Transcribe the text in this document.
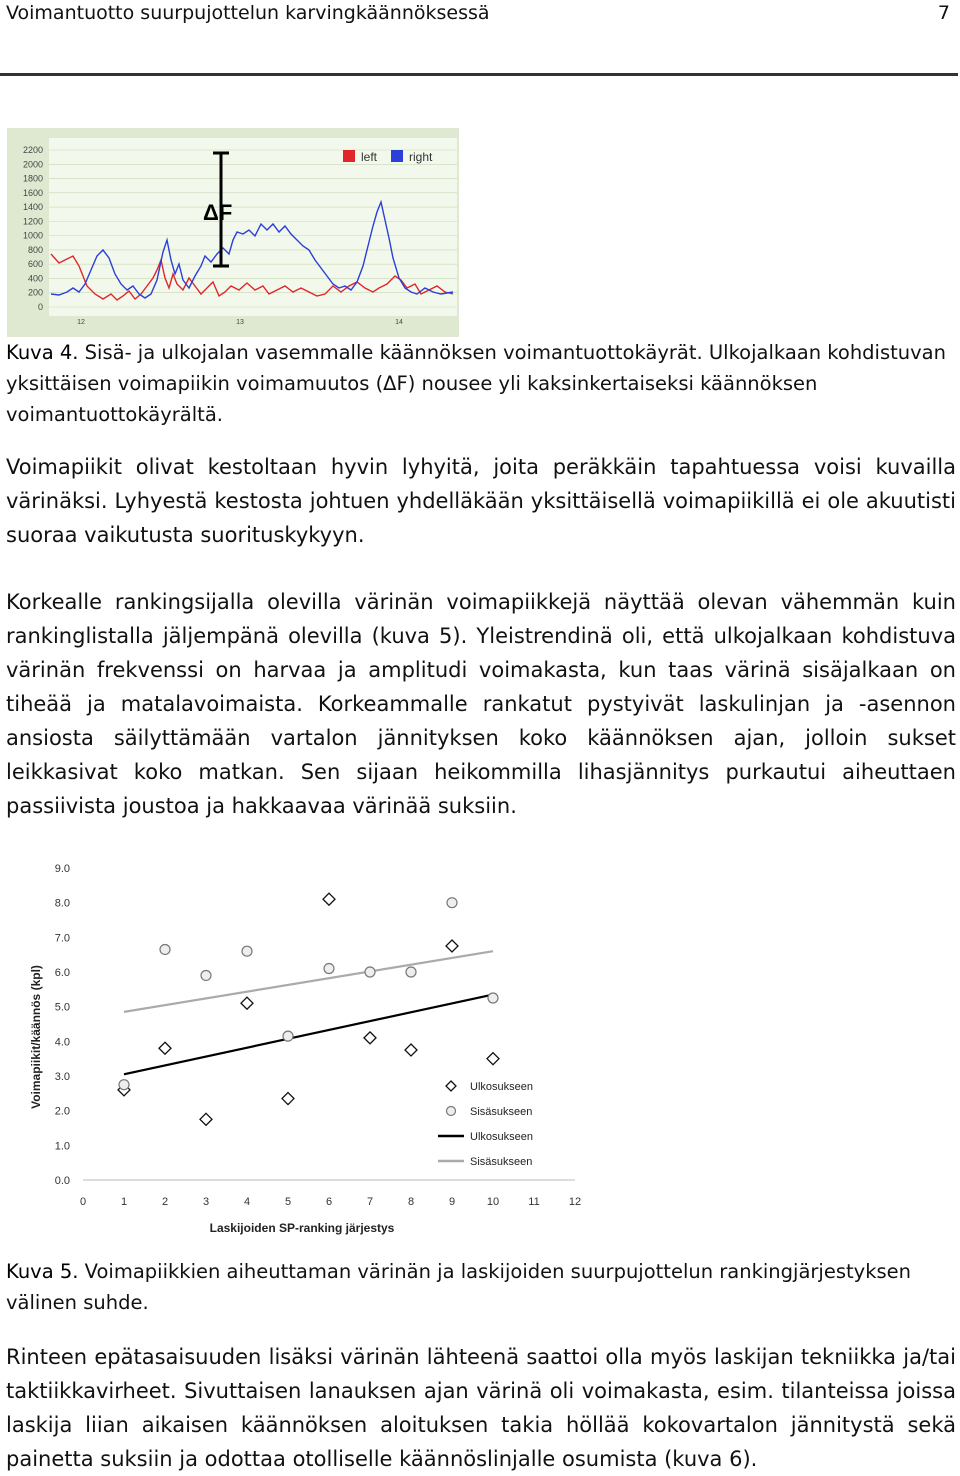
Voimantuotto suurpujottelun karvingkäännöksessä	7
2200
2000
1800
1600
1400
1200
1000
800
600
400
200
0
12	13	14
ΔF
left	right
Kuva 4. Sisä- ja ulkojalan vasemmalle käännöksen voimantuottokäyrät. Ulkojalkaan kohdistuvan yksittäisen voimapiikin voimamuutos (ΔF) nousee yli kaksinkertaiseksi käännöksen voimantuottokäyrältä.
Voimapiikit olivat kestoltaan hyvin lyhyitä, joita peräkkäin tapahtuessa voisi kuvailla värinäksi. Lyhyestä kestosta johtuen yhdelläkään yksittäisellä voimapiikillä ei ole akuutisti suoraa vaikutusta suorituskykyyn.
Korkealle rankingsijalla olevilla värinän voimapiikkejä näyttää olevan vähemmän kuin rankinglistalla jäljempänä olevilla (kuva 5). Yleistrendinä oli, että ulkojalkaan kohdistuva värinän frekvenssi on harvaa ja amplitudi voimakasta, kun taas värinä sisäjalkaan on tiheää ja matalavoimaista. Korkeammalle rankatut pystyivät laskulinjan ja -asennon ansiosta säilyttämään vartalon jännityksen koko käännöksen ajan, jolloin sukset leikkasivat koko matkan. Sen sijaan heikommilla lihasjännitys purkautui aiheuttaen passiivista joustoa ja hakkaavaa värinää suksiin.
0.0
1.0
2.0
3.0
4.0
5.0
6.0
7.0
8.0
9.0
0	1	2	3	4	5	6	7	8	9	10	11	12
Laskijoiden SP-ranking järjestys
Voimapiikit/käännös (kpl)	Ulkosukseen
Sisäsukseen
Ulkosukseen
Sisäsukseen
Kuva 5. Voimapiikkien aiheuttaman värinän ja laskijoiden suurpujottelun rankingjärjestyksen välinen suhde.
Rinteen epätasaisuuden lisäksi värinän lähteenä saattoi olla myös laskijan tekniikka ja/tai taktiikkavirheet. Sivuttaisen lanauksen ajan värinä oli voimakasta, esim. tilanteissa joissa laskija liian aikaisen käännöksen aloituksen takia höllää kokovartalon jännitystä sekä painetta suksiin ja odottaa otolliselle käännöslinjalle osumista (kuva 6).
